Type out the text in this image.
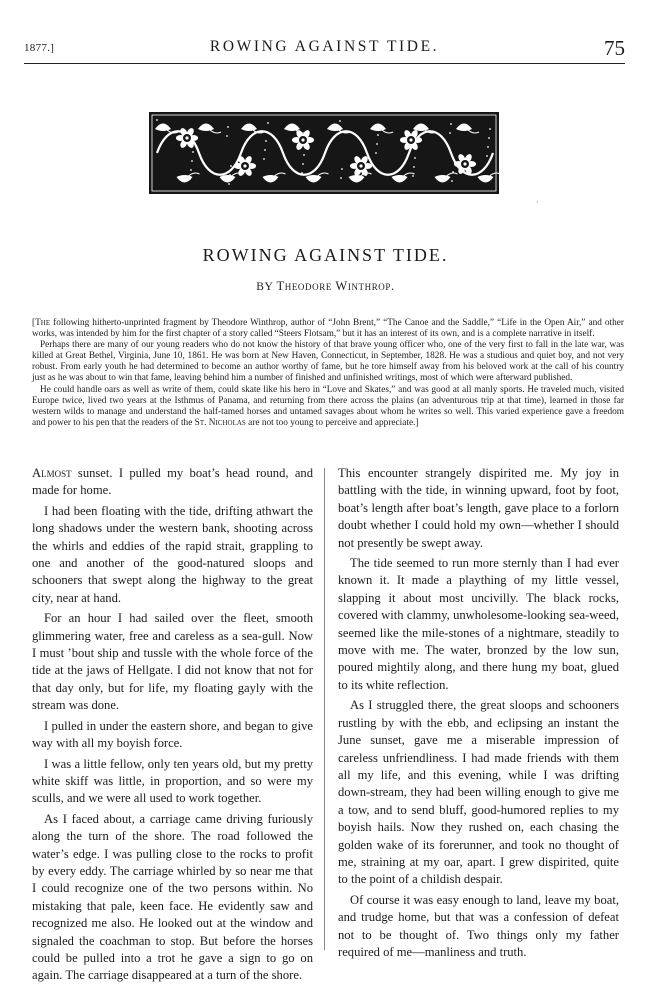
1877.]	ROWING AGAINST TIDE.	75
·
ROWING AGAINST TIDE.
BY Theodore Winthrop.

[The following hitherto-unprinted fragment by Theodore Winthrop, author of “John Brent,” “The Canoe and the Saddle,” “Life in the Open Air,” and other works, was intended by him for the first chapter of a story called “Steers Flotsam,” but it has an interest of its own, and is a complete narrative in itself.

Perhaps there are many of our young readers who do not know the history of that brave young officer who, one of the very first to fall in the late war, was killed at Great Bethel, Virginia, June 10, 1861. He was born at New Haven, Connecticut, in September, 1828. He was a studious and quiet boy, and not very robust. From early youth he had determined to become an author worthy of fame, but he tore himself away from his beloved work at the call of his country just as he was about to win that fame, leaving behind him a number of finished and unfinished writings, most of which were afterward published.

He could handle oars as well as write of them, could skate like his hero in “Love and Skates,” and was good at all manly sports. He traveled much, visited Europe twice, lived two years at the Isthmus of Panama, and returning from there across the plains (an adventurous trip at that time), learned in those far western wilds to manage and understand the half-tamed horses and untamed savages about whom he writes so well. This varied experience gave a freedom and power to his pen that the readers of the St. Nicholas are not too young to perceive and appreciate.]

Almost sunset. I pulled my boat’s head round, and made for home.

I had been floating with the tide, drifting athwart the long shadows under the western bank, shooting across the whirls and eddies of the rapid strait, grappling to one and another of the good-natured sloops and schooners that swept along the highway to the great city, near at hand.

For an hour I had sailed over the fleet, smooth glimmering water, free and careless as a sea-gull. Now I must ’bout ship and tussle with the whole force of the tide at the jaws of Hellgate. I did not know that not for that day only, but for life, my floating gayly with the stream was done.

I pulled in under the eastern shore, and began to give way with all my boyish force.

I was a little fellow, only ten years old, but my pretty white skiff was little, in proportion, and so were my sculls, and we were all used to work together.

As I faced about, a carriage came driving furiously along the turn of the shore. The road followed the water’s edge. I was pulling close to the rocks to profit by every eddy. The carriage whirled by so near me that I could recognize one of the two persons within. No mistaking that pale, keen face. He evidently saw and recognized me also. He looked out at the window and signaled the coachman to stop. But before the horses could be pulled into a trot he gave a sign to go on again. The carriage disappeared at a turn of the shore.

This encounter strangely dispirited me. My joy in battling with the tide, in winning upward, foot by foot, boat’s length after boat’s length, gave place to a forlorn doubt whether I could hold my own—whether I should not presently be swept away.

The tide seemed to run more sternly than I had ever known it. It made a plaything of my little vessel, slapping it about most uncivilly. The black rocks, covered with clammy, unwholesome-looking sea-weed, seemed like the mile-stones of a nightmare, steadily to move with me. The water, bronzed by the low sun, poured mightily along, and there hung my boat, glued to its white reflection.

As I struggled there, the great sloops and schooners rustling by with the ebb, and eclipsing an instant the June sunset, gave me a miserable impression of careless unfriendliness. I had made friends with them all my life, and this evening, while I was drifting down-stream, they had been willing enough to give me a tow, and to send bluff, good-humored replies to my boyish hails. Now they rushed on, each chasing the golden wake of its forerunner, and took no thought of me, straining at my oar, apart. I grew dispirited, quite to the point of a childish despair.

Of course it was easy enough to land, leave my boat, and trudge home, but that was a confession of defeat not to be thought of. Two things only my father required of me—manliness and truth.
